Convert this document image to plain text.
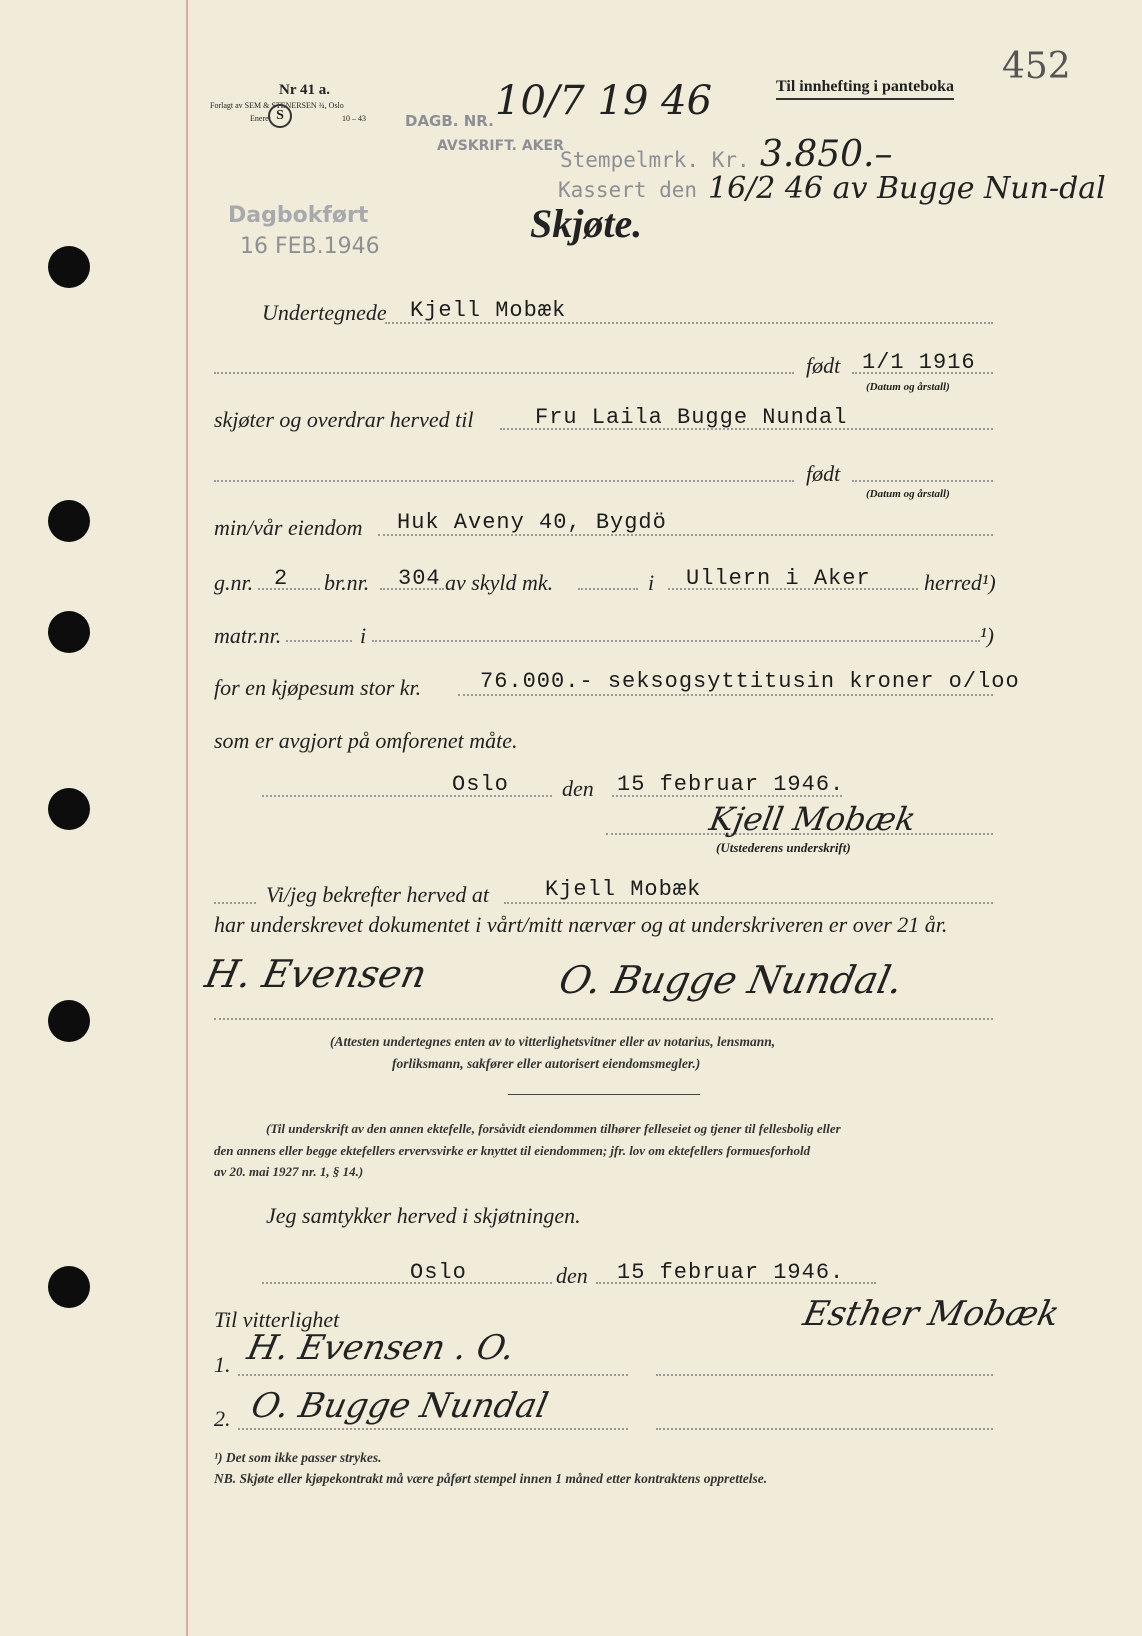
Nr 41 a.
Forlagt av SEM & STENERSEN ¾, Oslo
Eneret S	10 – 43
Til innhefting i panteboka 452
DAGB. NR. 10/7 19 46
AVSKRIFT. AKER
Stempelmrk. Kr. 3.850.–
Kassert den 16/2 46 av Bugge Nun-dal
Dagbokført
16 FEB.1946
Skjøte.
Undertegnede Kjell Mobæk
født 1/1 1916
(Datum og årstall)
skjøter og overdrar herved til	Fru Laila Bugge Nundal
født
(Datum og årstall)
min/vår eiendom Huk Aveny 40, Bygdö
g.nr. 2 br.nr. 304 av skyld mk.	i Ullern i Aker herred¹)
matr.nr.	i	¹)
for en kjøpesum stor kr.	76.000.- seksogsyttitusin kroner o/loo
som er avgjort på omforenet måte.
Oslo den 15 februar 1946.
Kjell Mobæk
(Utstederens underskrift)
Vi/jeg bekrefter herved at	Kjell Mobæk
har underskrevet dokumentet i vårt/mitt nærvær og at underskriveren er over 21 år.
H. Evensen	O. Bugge Nundal.
(Attesten undertegnes enten av to vitterlighetsvitner eller av notarius, lensmann,
forliksmann, sakfører eller autorisert eiendomsmegler.)
(Til underskrift av den annen ektefelle, forsåvidt eiendommen tilhører felleseiet og tjener til fellesbolig eller
den annens eller begge ektefellers ervervsvirke er knyttet til eiendommen; jfr. lov om ektefellers formuesforhold
av 20. mai 1927 nr. 1, § 14.)
Jeg samtykker herved i skjøtningen.
Oslo	den 15 februar 1946.
Esther Mobæk
Til vitterlighet
1. H. Evensen . O.
2. O. Bugge Nundal
¹) Det som ikke passer strykes.
NB. Skjøte eller kjøpekontrakt må være påført stempel innen 1 måned etter kontraktens opprettelse.
